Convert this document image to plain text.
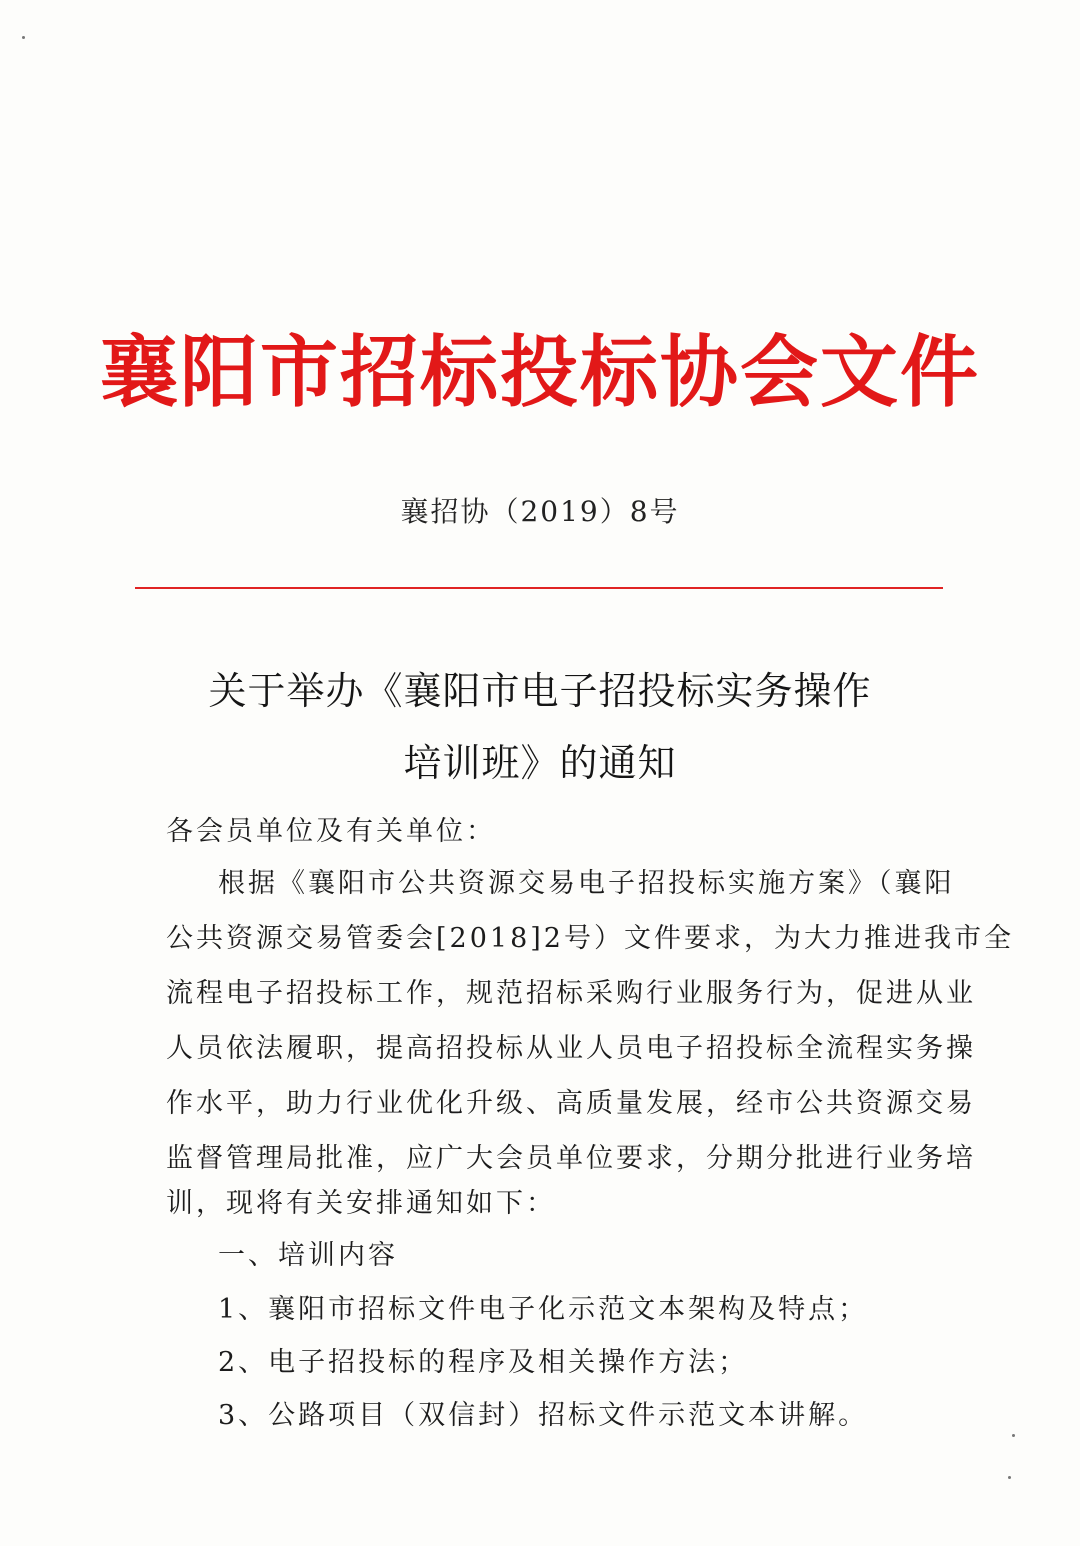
襄阳市招标投标协会文件
襄招协（2019）8号
关于举办《襄阳市电子招投标实务操作
培训班》的通知
各会员单位及有关单位：
根据《襄阳市公共资源交易电子招投标实施方案》（襄阳
公共资源交易管委会[2018]2号）文件要求，为大力推进我市全
流程电子招投标工作，规范招标采购行业服务行为，促进从业
人员依法履职，提高招投标从业人员电子招投标全流程实务操
作水平，助力行业优化升级、高质量发展，经市公共资源交易
监督管理局批准，应广大会员单位要求，分期分批进行业务培
训，现将有关安排通知如下：
一、培训内容
1、襄阳市招标文件电子化示范文本架构及特点；
2、电子招投标的程序及相关操作方法；
3、公路项目（双信封）招标文件示范文本讲解。
